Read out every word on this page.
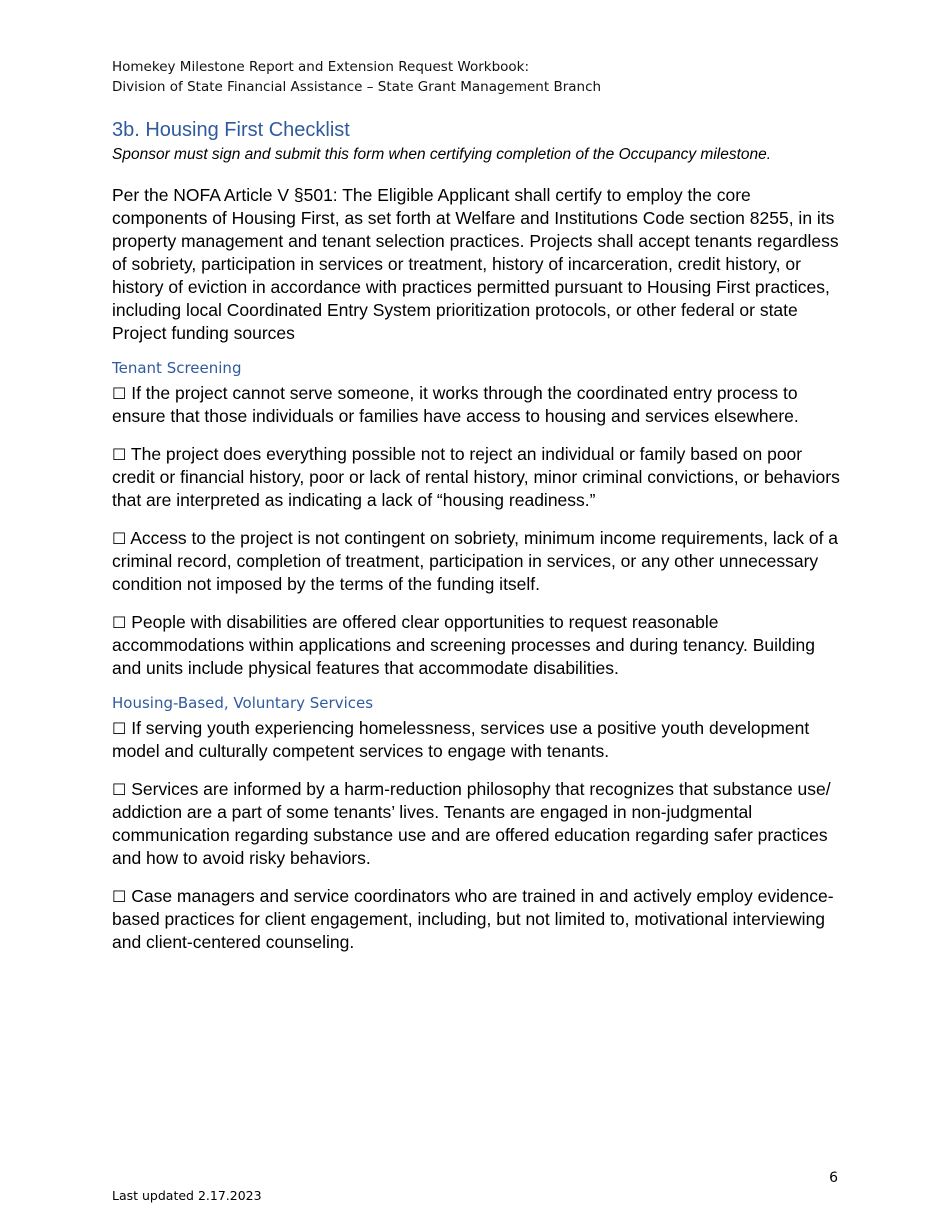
Homekey Milestone Report and Extension Request Workbook:
Division of State Financial Assistance – State Grant Management Branch
3b. Housing First Checklist

Sponsor must sign and submit this form when certifying completion of the Occupancy milestone.

Per the NOFA Article V §501: The Eligible Applicant shall certify to employ the core components of Housing First, as set forth at Welfare and Institutions Code section 8255, in its property management and tenant selection practices. Projects shall accept tenants regardless of sobriety, participation in services or treatment, history of incarceration, credit history, or history of eviction in accordance with practices permitted pursuant to Housing First practices, including local Coordinated Entry System prioritization protocols, or other federal or state Project funding sources

Tenant Screening

☐ If the project cannot serve someone, it works through the coordinated entry process to ensure that those individuals or families have access to housing and services elsewhere.

☐ The project does everything possible not to reject an individual or family based on poor credit or financial history, poor or lack of rental history, minor criminal convictions, or behaviors that are interpreted as indicating a lack of “housing readiness.”

☐ Access to the project is not contingent on sobriety, minimum income requirements, lack of a criminal record, completion of treatment, participation in services, or any other unnecessary condition not imposed by the terms of the funding itself.

☐ People with disabilities are offered clear opportunities to request reasonable accommodations within applications and screening processes and during tenancy. Building and units include physical features that accommodate disabilities.

Housing-Based, Voluntary Services

☐ If serving youth experiencing homelessness, services use a positive youth development model and culturally competent services to engage with tenants.

☐ Services are informed by a harm-reduction philosophy that recognizes that substance use/ addiction are a part of some tenants’ lives. Tenants are engaged in non-judgmental communication regarding substance use and are offered education regarding safer practices and how to avoid risky behaviors.

☐ Case managers and service coordinators who are trained in and actively employ evidence-based practices for client engagement, including, but not limited to, motivational interviewing and client-centered counseling.

6
Last updated 2.17.2023
